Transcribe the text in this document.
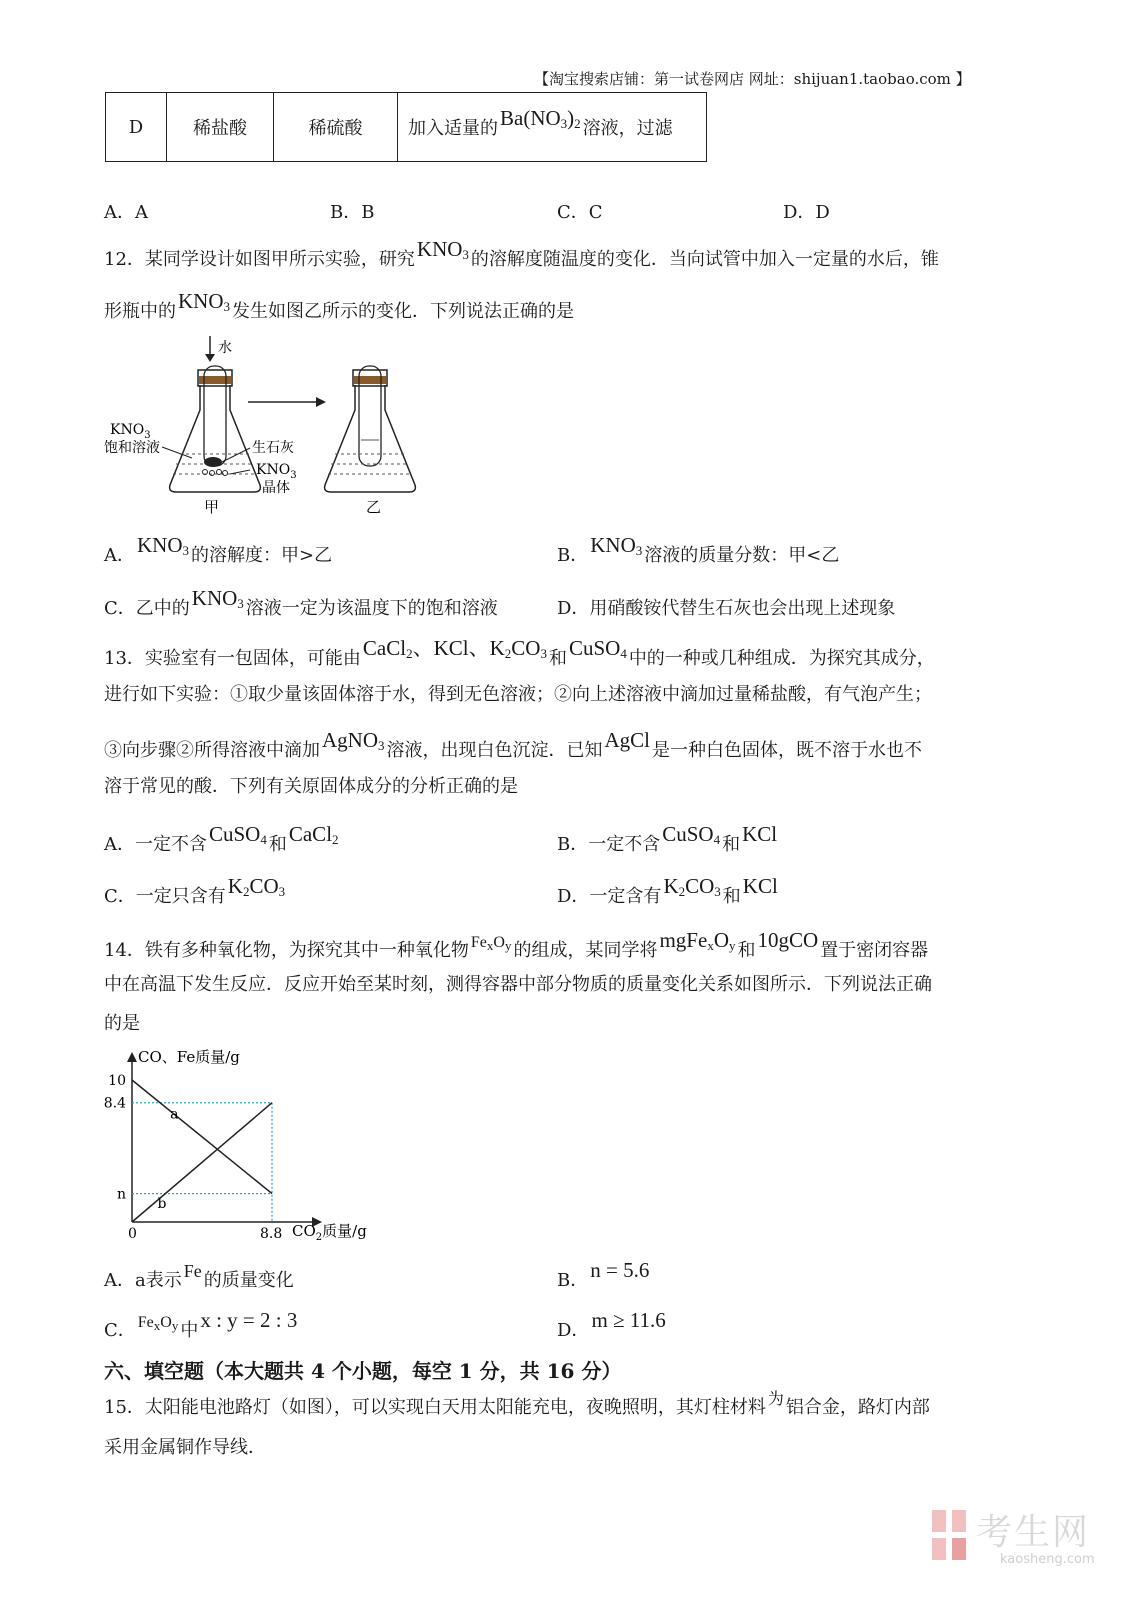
【淘宝搜索店铺：第一试卷网店 网址：shijuan1.taobao.com 】
D	稀盐酸	稀硫酸	加入适量的$Ba(NO_3)_2$ 溶液，过滤
A．A	B．B	C．C	D．D
12．某同学设计如图甲所示实验，研究$KNO_3$ 的溶解度随温度的变化．当向试管中加入一定量的水后，锥
形瓶中的$KNO_3$ 发生如图乙所示的变化．下列说法正确的是
水
$KNO_3$
饱和溶液	生石灰
$KNO_3$
晶体
甲	乙
A．$KNO_3$ 的溶解度：甲>乙	B．$KNO_3$ 溶液的质量分数：甲<乙
C．乙中的$KNO_3$ 溶液一定为该温度下的饱和溶液	D．用硝酸铵代替生石灰也会出现上述现象
13．实验室有一包固体，可能由CaCl$_2$、KCl、$K_2CO_3$ 和CuSO$_4$ 中的一种或几种组成．为探究其成分，
进行如下实验：①取少量该固体溶于水，得到无色溶液；②向上述溶液中滴加过量稀盐酸，有气泡产生；
③向步骤②所得溶液中滴加AgNO$_3$ 溶液，出现白色沉淀．已知AgCl 是一种白色固体，既不溶于水也不
溶于常见的酸．下列有关原固体成分的分析正确的是
A．一定不含CuSO$_4$ 和CaCl$_2$	B．一定不含CuSO$_4$ 和KCl
C．一定只含有$K_2CO_3$	D．一定含有$K_2CO_3$ 和KCl
14．铁有多种氧化物，为探究其中一种氧化物 $Fe_xO_y$ 的组成，某同学将$mgFe_xO_y$ 和10gCO 置于密闭容器
中在高温下发生反应．反应开始至某时刻，测得容器中部分物质的质量变化关系如图所示．下列说法正确
的是
CO、Fe质量/g
$CO_2$质量/g
a
b
10
8.4
n
0	8.8
A．a表示 Fe 的质量变化	B．n = 5.6
C． $Fe_xO_y$ 中x : y = 2 : 3	D．m ≥ 11.6
六、填空题（本大题共 4 个小题，每空 1 分，共 16 分）
15．太阳能电池路灯（如图），可以实现白天用太阳能充电，夜晚照明，其灯柱材料 为 铝合金，路灯内部
采用金属铜作导线．
考生网
kaosheng.com
